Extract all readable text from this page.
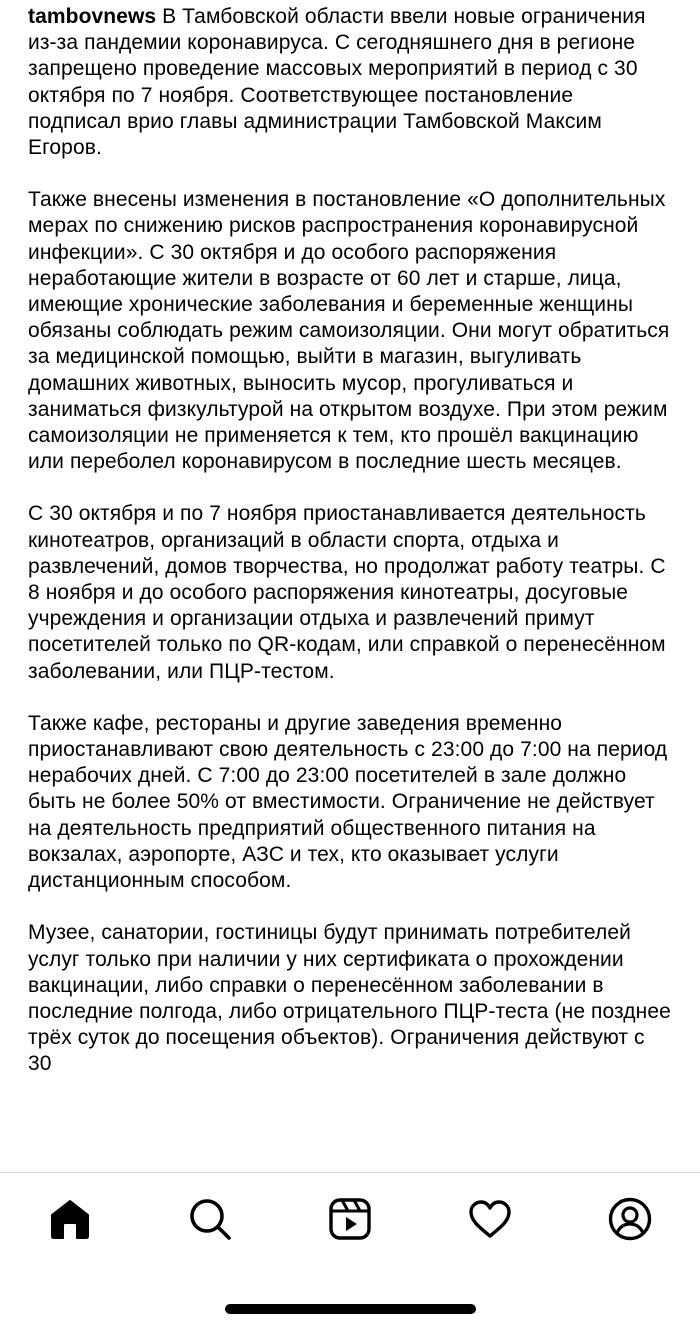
tambovnews В Тамбовской области ввели новые ограничения из-за пандемии коронавируса. С сегодняшнего дня в регионе запрещено проведение массовых мероприятий в период с 30 октября по 7 ноября. Соответствующее постановление подписал врио главы администрации Тамбовской Максим Егоров.

Также внесены изменения в постановление «О дополнительных мерах по снижению рисков распространения коронавирусной инфекции». С 30 октября и до особого распоряжения неработающие жители в возрасте от 60 лет и старше, лица, имеющие хронические заболевания и беременные женщины обязаны соблюдать режим самоизоляции. Они могут обратиться за медицинской помощью, выйти в магазин, выгуливать домашних животных, выносить мусор, прогуливаться и заниматься физкультурой на открытом воздухе. При этом режим самоизоляции не применяется к тем, кто прошёл вакцинацию или переболел коронавирусом в последние шесть месяцев.

С 30 октября и по 7 ноября приостанавливается деятельность кинотеатров, организаций в области спорта, отдыха и развлечений, домов творчества, но продолжат работу театры. С 8 ноября и до особого распоряжения кинотеатры, досуговые учреждения и организации отдыха и развлечений примут посетителей только по QR-кодам, или справкой о перенесённом заболевании, или ПЦР-тестом.

Также кафе, рестораны и другие заведения временно приостанавливают свою деятельность с 23:00 до 7:00 на период нерабочих дней. С 7:00 до 23:00 посетителей в зале должно быть не более 50% от вместимости. Ограничение не действует на деятельность предприятий общественного питания на вокзалах, аэропорте, АЗС и тех, кто оказывает услуги дистанционным способом.

Музее, санатории, гостиницы будут принимать потребителей услуг только при наличии у них сертификата о прохождении вакцинации, либо справки о перенесённом заболевании в последние полгода, либо отрицательного ПЦР-теста (не позднее трёх суток до посещения объектов). Ограничения действуют с 30
